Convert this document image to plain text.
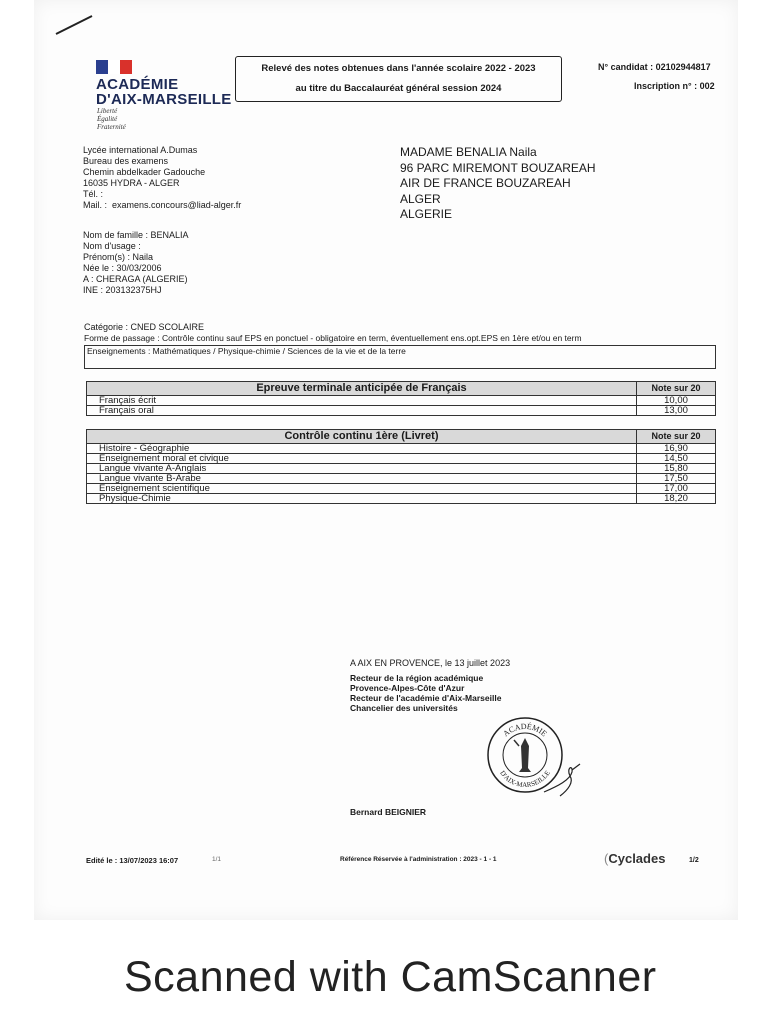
ACADÉMIE
D'AIX-MARSEILLE
Liberté
Égalité
Fraternité
Relevé des notes obtenues dans l'année scolaire 2022 - 2023
au titre du Baccalauréat général session 2024
N° candidat : 02102944817
Inscription n° : 002
Lycée international A.Dumas
Bureau des examens
Chemin abdelkader Gadouche
16035 HYDRA - ALGER
Tél. :
Mail. : examens.concours@liad-alger.fr
MADAME BENALIA Naila
96 PARC MIREMONT BOUZAREAH
AIR DE FRANCE BOUZAREAH
ALGER
ALGERIE
Nom de famille : BENALIA
Nom d'usage :
Prénom(s) : Naila
Née le : 30/03/2006
A : CHERAGA (ALGERIE)
INE : 203132375HJ
Catégorie : CNED SCOLAIRE
Forme de passage : Contrôle continu sauf EPS en ponctuel - obligatoire en term, éventuellement ens.opt.EPS en 1ère et/ou en term
Enseignements : Mathématiques / Physique-chimie / Sciences de la vie et de la terre
Epreuve terminale anticipée de Français	Note sur 20
Français écrit	10,00
Français oral	13,00
Contrôle continu 1ère (Livret)	Note sur 20
Histoire - Géographie	16,90
Enseignement moral et civique	14,50
Langue vivante A-Anglais	15,80
Langue vivante B-Arabe	17,50
Enseignement scientifique	17,00
Physique-Chimie	18,20
A AIX EN PROVENCE, le 13 juillet 2023
Recteur de la région académique
Provence-Alpes-Côte d'Azur
Recteur de l'académie d'Aix-Marseille
Chancelier des universités
ACADÉMIE
D'AIX-MARSEILLE
Bernard BEIGNIER
Edité le : 13/07/2023 16:07	1/1	Référence Réservée à l'administration : 2023 - 1 - 1	(Cyclades	1/2
Scanned with CamScanner
